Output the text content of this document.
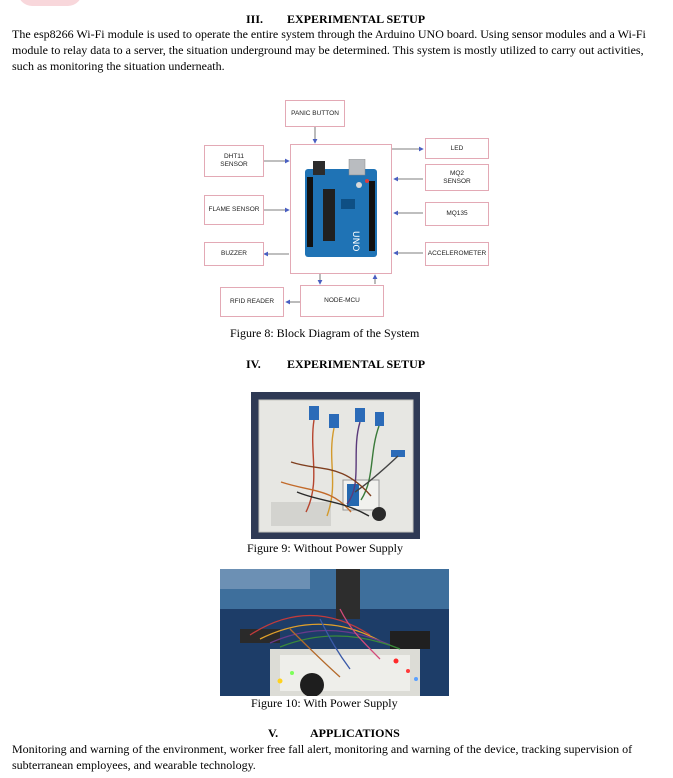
III. EXPERIMENTAL SETUP
The esp8266 Wi-Fi module is used to operate the entire system through the Arduino UNO board. Using sensor modules and a Wi-Fi module to relay data to a server, the situation underground may be determined. This system is mostly utilized to carry out activities, such as monitoring the situation underneath.
UNO
PANIC BUTTON
DHT11
SENSOR
FLAME SENSOR
BUZZER
LED
MQ2
SENSOR
MQ135
ACCELEROMETER
RFID READER	NODE-MCU
Figure 8: Block Diagram of the System
IV. EXPERIMENTAL SETUP
Figure 9: Without Power Supply
Figure 10: With Power Supply
V.	APPLICATIONS
Monitoring and warning of the environment, worker free fall alert, monitoring and warning of the device, tracking supervision of subterranean employees, and wearable technology.
